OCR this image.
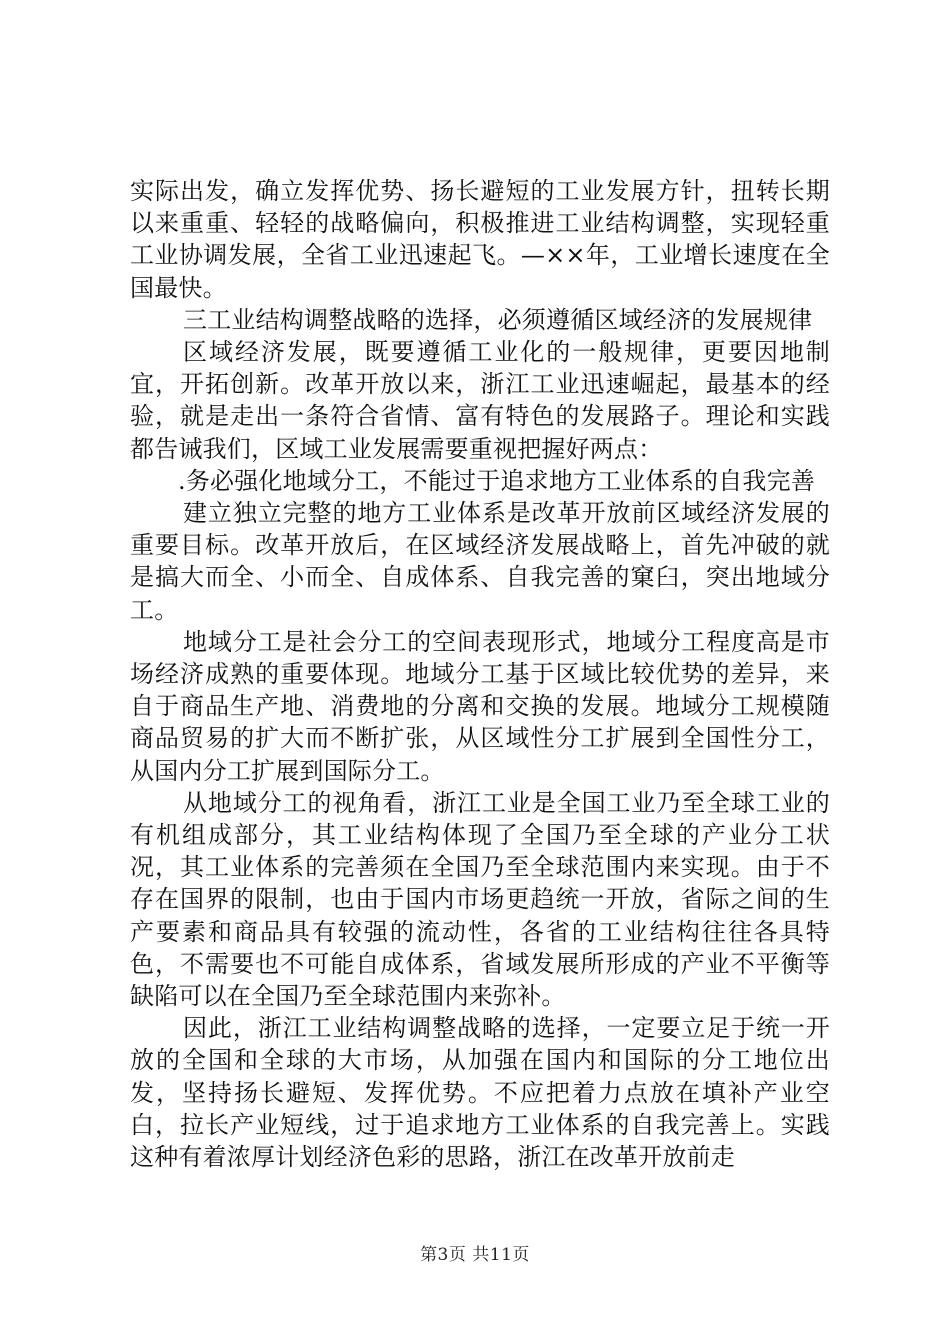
实际出发，确立发挥优势、扬长避短的工业发展方针，扭转长期以来重重、轻轻的战略偏向，积极推进工业结构调整，实现轻重工业协调发展，全省工业迅速起飞。—××年，工业增长速度在全国最快。

三工业结构调整战略的选择，必须遵循区域经济的发展规律

区域经济发展，既要遵循工业化的一般规律，更要因地制宜，开拓创新。改革开放以来，浙江工业迅速崛起，最基本的经验，就是走出一条符合省情、富有特色的发展路子。理论和实践都告诫我们，区域工业发展需要重视把握好两点：

.务必强化地域分工，不能过于追求地方工业体系的自我完善

建立独立完整的地方工业体系是改革开放前区域经济发展的重要目标。改革开放后，在区域经济发展战略上，首先冲破的就是搞大而全、小而全、自成体系、自我完善的窠臼，突出地域分工。

地域分工是社会分工的空间表现形式，地域分工程度高是市场经济成熟的重要体现。地域分工基于区域比较优势的差异，来自于商品生产地、消费地的分离和交换的发展。地域分工规模随商品贸易的扩大而不断扩张，从区域性分工扩展到全国性分工，从国内分工扩展到国际分工。

从地域分工的视角看，浙江工业是全国工业乃至全球工业的有机组成部分，其工业结构体现了全国乃至全球的产业分工状况，其工业体系的完善须在全国乃至全球范围内来实现。由于不存在国界的限制，也由于国内市场更趋统一开放，省际之间的生产要素和商品具有较强的流动性，各省的工业结构往往各具特色，不需要也不可能自成体系，省域发展所形成的产业不平衡等缺陷可以在全国乃至全球范围内来弥补。

因此，浙江工业结构调整战略的选择，一定要立足于统一开放的全国和全球的大市场，从加强在国内和国际的分工地位出发，坚持扬长避短、发挥优势。不应把着力点放在填补产业空白，拉长产业短线，过于追求地方工业体系的自我完善上。实践这种有着浓厚计划经济色彩的思路，浙江在改革开放前走

第3页 共11页
